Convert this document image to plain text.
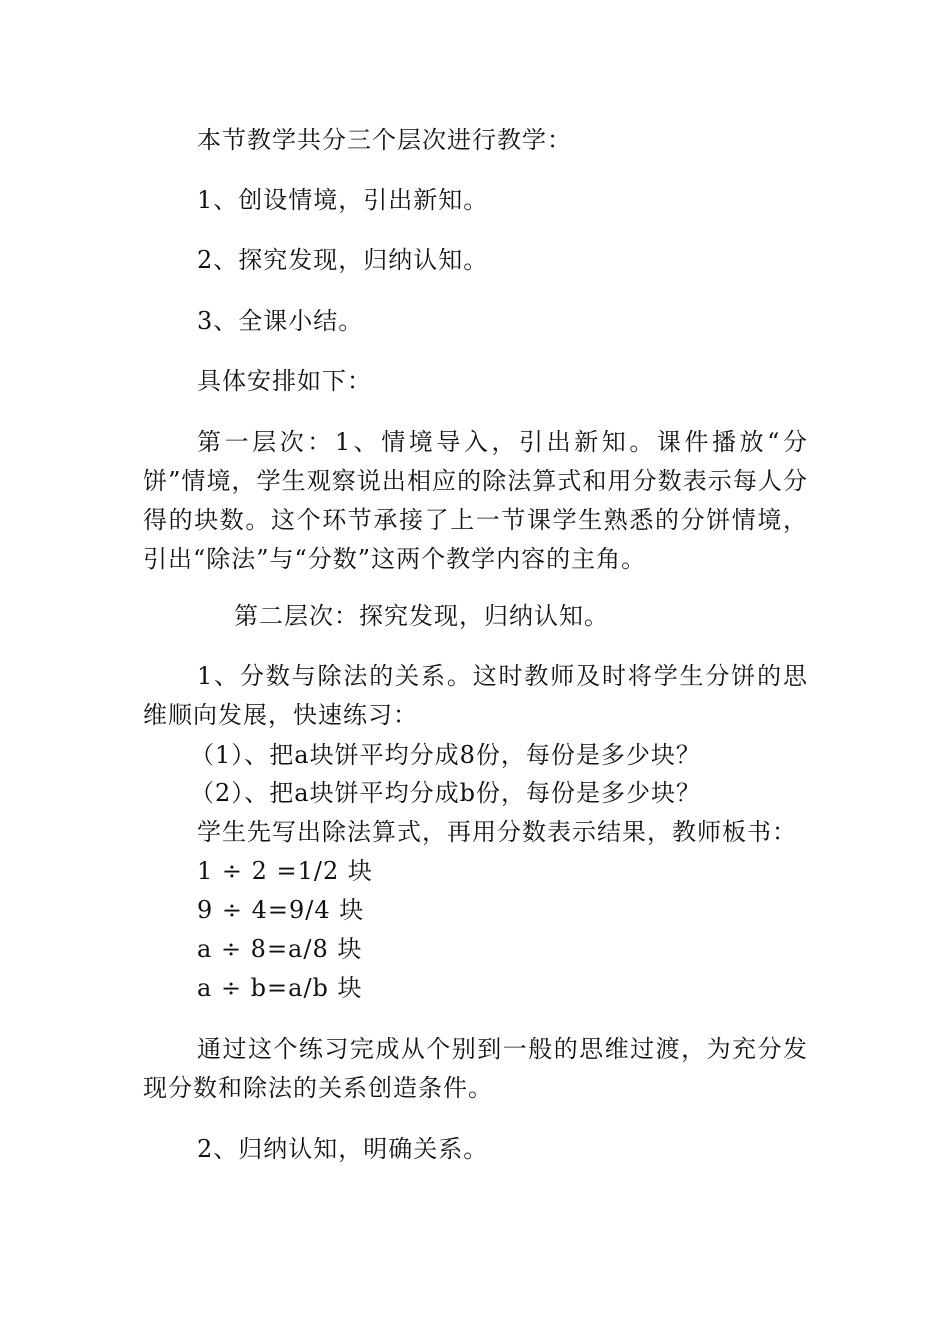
本节教学共分三个层次进行教学：
1、创设情境，引出新知。
2、探究发现，归纳认知。
3、全课小结。
具体安排如下：
第一层次：1、情境导入，引出新知。课件播放“分饼”情境，学生观察说出相应的除法算式和用分数表示每人分得的块数。这个环节承接了上一节课学生熟悉的分饼情境，引出“除法”与“分数”这两个教学内容的主角。
第二层次：探究发现，归纳认知。
1、分数与除法的关系。这时教师及时将学生分饼的思维顺向发展，快速练习：
（1）、把a块饼平均分成8份，每份是多少块？
（2）、把a块饼平均分成b份，每份是多少块？
学生先写出除法算式，再用分数表示结果，教师板书：
1 ÷ 2 =1/2 块
9 ÷ 4=9/4 块
a ÷ 8=a/8 块
a ÷ b=a/b 块
通过这个练习完成从个别到一般的思维过渡，为充分发现分数和除法的关系创造条件。
2、归纳认知，明确关系。
